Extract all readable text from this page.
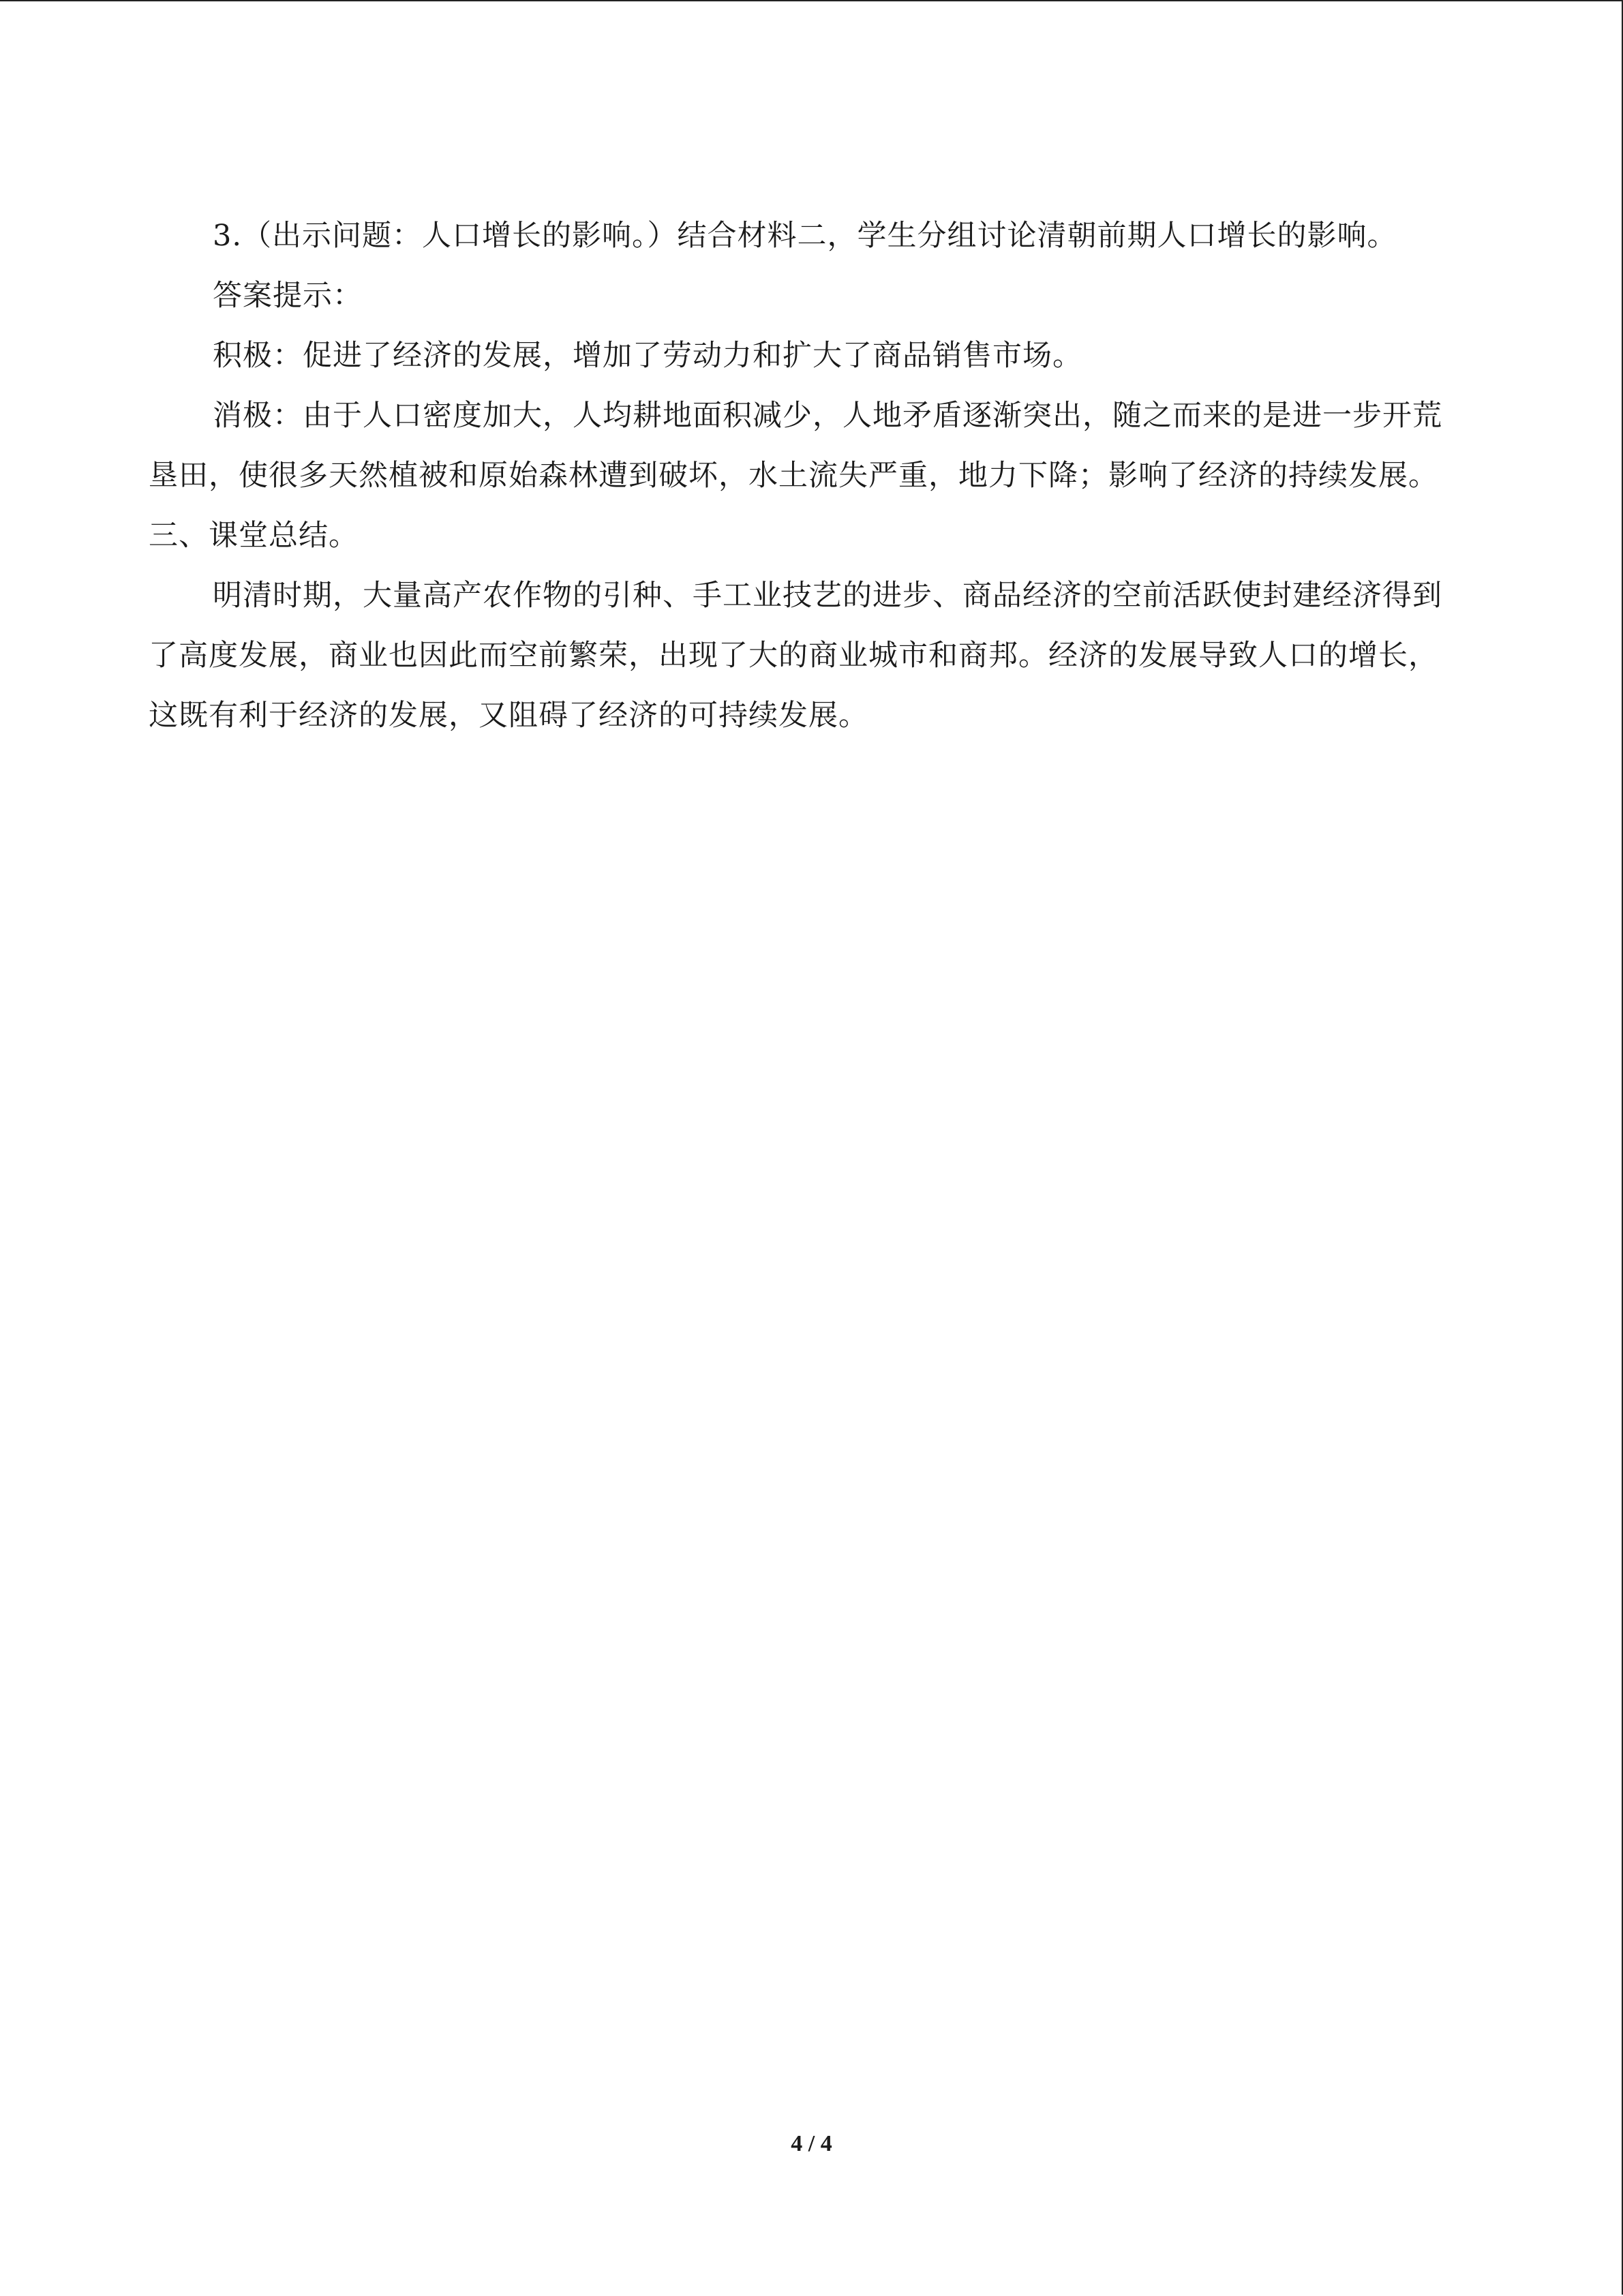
3.（出示问题：人口增长的影响。）结合材料二，学生分组讨论清朝前期人口增长的影响。

答案提示：

积极：促进了经济的发展，增加了劳动力和扩大了商品销售市场。

消极：由于人口密度加大，人均耕地面积减少，人地矛盾逐渐突出，随之而来的是进一步开荒垦田，使很多天然植被和原始森林遭到破坏，水土流失严重，地力下降；影响了经济的持续发展。

三、课堂总结。

明清时期，大量高产农作物的引种、手工业技艺的进步、商品经济的空前活跃使封建经济得到了高度发展，商业也因此而空前繁荣，出现了大的商业城市和商邦。经济的发展导致人口的增长，这既有利于经济的发展，又阻碍了经济的可持续发展。

4 / 4
